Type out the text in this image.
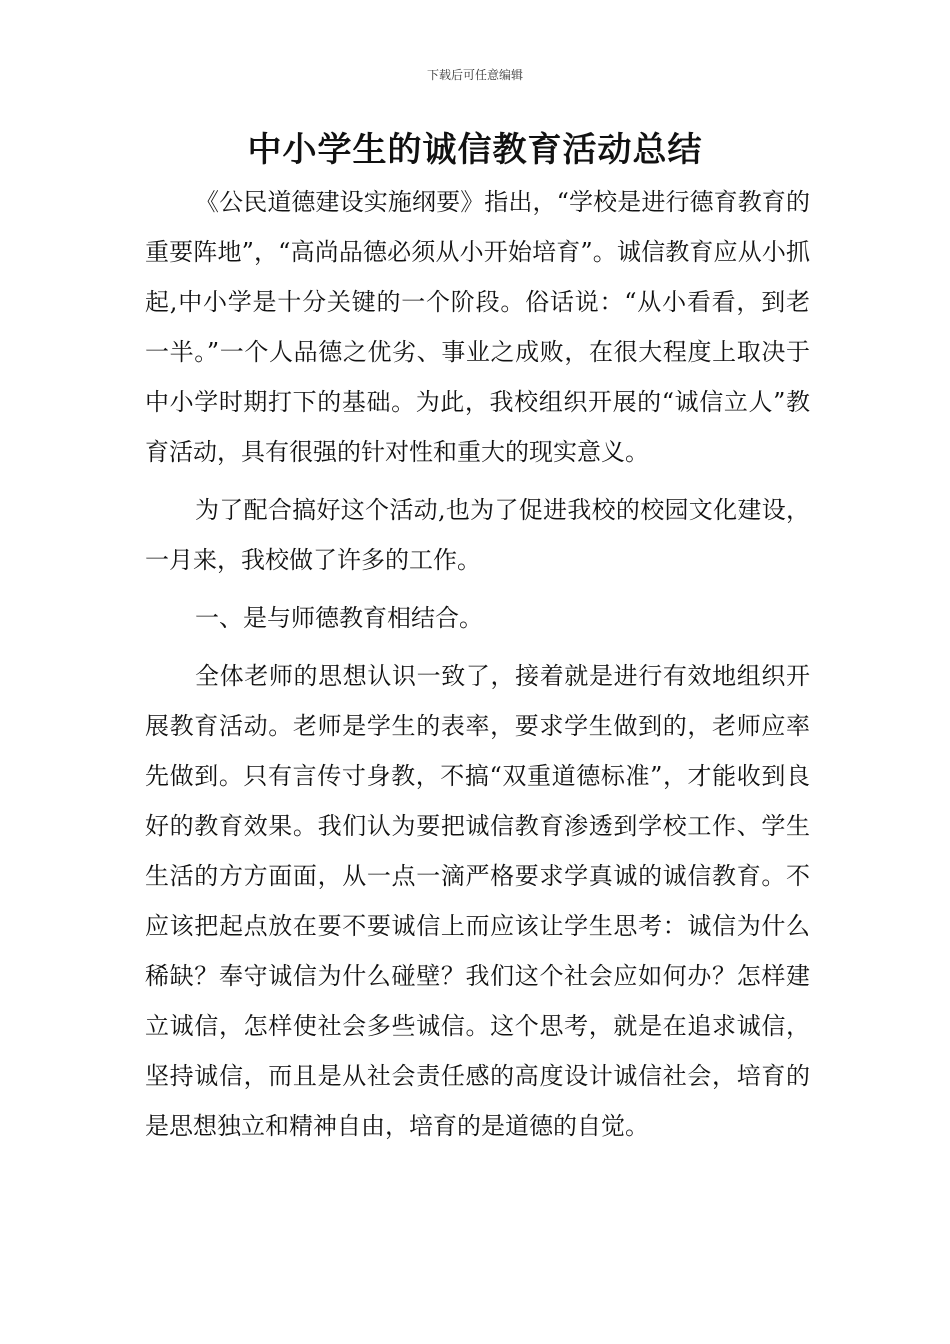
下载后可任意编辑
中小学生的诚信教育活动总结

《公民道德建设实施纲要》指出，“学校是进行德育教育的重要阵地”，“高尚品德必须从小开始培育”。诚信教育应从小抓起,中小学是十分关键的一个阶段。俗话说：“从小看看，到老一半。”一个人品德之优劣、事业之成败，在很大程度上取决于中小学时期打下的基础。为此，我校组织开展的“诚信立人”教育活动，具有很强的针对性和重大的现实意义。

为了配合搞好这个活动,也为了促进我校的校园文化建设，一月来，我校做了许多的工作。

一、是与师德教育相结合。

全体老师的思想认识一致了，接着就是进行有效地组织开展教育活动。老师是学生的表率，要求学生做到的，老师应率先做到。只有言传寸身教，不搞“双重道德标准”，才能收到良好的教育效果。我们认为要把诚信教育渗透到学校工作、学生生活的方方面面，从一点一滴严格要求学真诚的诚信教育。不应该把起点放在要不要诚信上而应该让学生思考：诚信为什么稀缺？奉守诚信为什么碰壁？我们这个社会应如何办？怎样建立诚信，怎样使社会多些诚信。这个思考，就是在追求诚信，坚持诚信，而且是从社会责任感的高度设计诚信社会，培育的是思想独立和精神自由，培育的是道德的自觉。
